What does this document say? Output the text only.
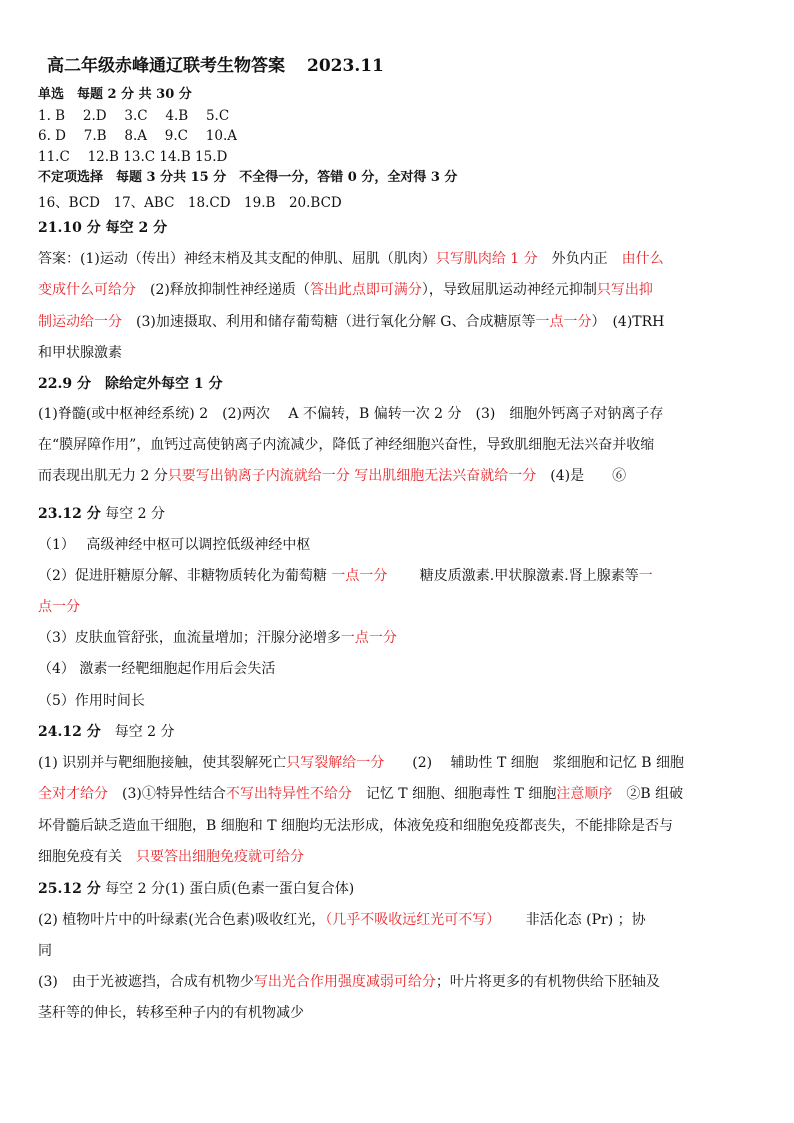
高二年级赤峰通辽联考生物答案 2023.11
单选　每题 2 分 共 30 分
1. B　 2.D　 3.C　 4.B　 5.C
6. D　 7.B　 8.A　 9.C　 10.A
11.C　 12.B 13.C 14.B 15.D
不定项选择　每题 3 分共 15 分　不全得一分，答错 0 分，全对得 3 分
16、BCD　17、ABC　18.CD　19.B　20.BCD
21.10 分 每空 2 分
答案：(1)运动（传出）神经末梢及其支配的伸肌、屈肌（肌肉）只写肌肉给 1 分　外负内正　由什么
变成什么可给分　(2)释放抑制性神经递质（答出此点即可满分），导致屈肌运动神经元抑制只写出抑
制运动给一分　(3)加速摄取、利用和储存葡萄糖（进行氧化分解 G、合成糖原等一点一分）　(4)TRH
和甲状腺激素
22.9 分　除给定外每空 1 分
(1)脊髓(或中枢神经系统) 2　(2)两次　 A 不偏转，B 偏转一次 2 分　(3)　细胞外钙离子对钠离子存
在“膜屏障作用”，血钙过高使钠离子内流减少，降低了神经细胞兴奋性，导致肌细胞无法兴奋并收缩
而表现出肌无力 2 分只要写出钠离子内流就给一分 写出肌细胞无法兴奋就给一分　(4)是　　⑥
23.12 分 每空 2 分
（1）　 高级神经中枢可以调控低级神经中枢
（2）促进肝糖原分解、非糖物质转化为葡萄糖 一点一分　　 糖皮质激素.甲状腺激素.肾上腺素等一
点一分
（3）皮肤血管舒张，血流量增加；汗腺分泌增多一点一分
（4） 激素一经靶细胞起作用后会失活
（5）作用时间长
24.12 分　每空 2 分
(1) 识别并与靶细胞接触，使其裂解死亡只写裂解给一分　　(2)　 辅助性 T 细胞　浆细胞和记忆 B 细胞
全对才给分　(3)①特异性结合不写出特异性不给分　记忆 T 细胞、细胞毒性 T 细胞注意顺序　②B 组破
坏骨髓后缺乏造血干细胞，B 细胞和 T 细胞均无法形成，体液免疫和细胞免疫都丧失，不能排除是否与
细胞免疫有关　只要答出细胞免疫就可给分
25.12 分 每空 2 分(1) 蛋白质(色素一蛋白复合体)
(2) 植物叶片中的叶绿素(光合色素)吸收红光，（几乎不吸收远红光可不写）　　 非活化态 (Pr) ；协
同
(3)　由于光被遮挡，合成有机物少写出光合作用强度减弱可给分；叶片将更多的有机物供给下胚轴及
茎秆等的伸长，转移至种子内的有机物减少
